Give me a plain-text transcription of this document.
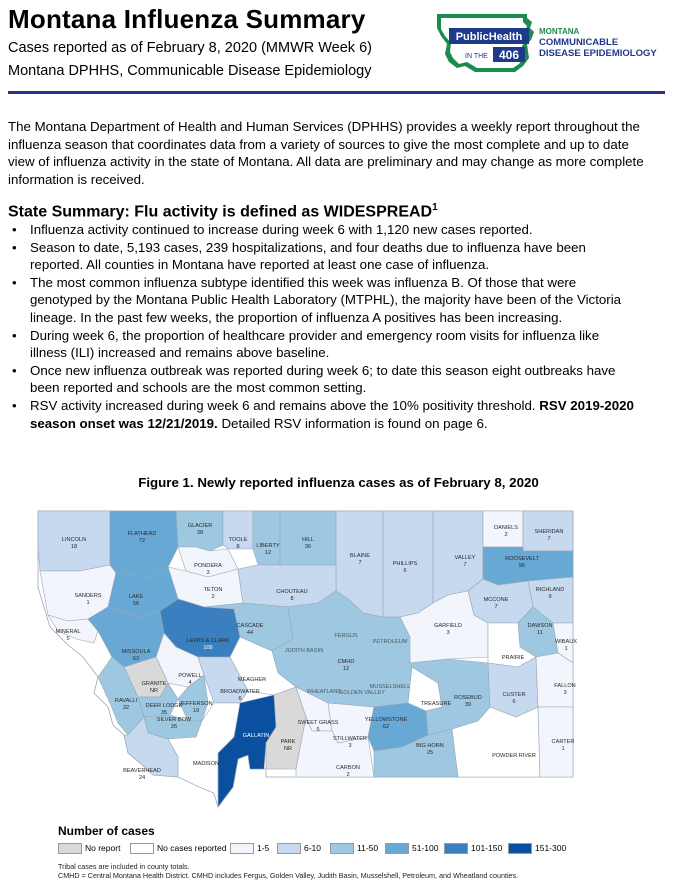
Montana Influenza Summary
Cases reported as of February 8, 2020 (MMWR Week 6)
Montana DPHHS, Communicable Disease Epidemiology
PublicHealth
IN THE 406
MONTANA
COMMUNICABLE
DISEASE EPIDEMIOLOGY
The Montana Department of Health and Human Services (DPHHS) provides a weekly report throughout the influenza season that coordinates data from a variety of sources to give the most complete and up to date view of influenza activity in the state of Montana. All data are preliminary and may change as more complete information is received.
State Summary: Flu activity is defined as WIDESPREAD$^1$
• Influenza activity continued to increase during week 6 with 1,120 new cases reported.
• Season to date, 5,193 cases, 239 hospitalizations, and four deaths due to influenza have been reported. All counties in Montana have reported at least one case of influenza.
• The most common influenza subtype identified this week was influenza B. Of those that were genotyped by the Montana Public Health Laboratory (MTPHL), the majority have been of the Victoria lineage. In the past few weeks, the proportion of influenza A positives has been increasing.
• During week 6, the proportion of healthcare provider and emergency room visits for influenza like illness (ILI) increased and remains above baseline.
• Once new influenza outbreak was reported during week 6; to date this season eight outbreaks have been reported and schools are the most common setting.
• RSV activity increased during week 6 and remains above the 10% positivity threshold. RSV 2019-2020 season onset was 12/21/2019. Detailed RSV information is found on page 6.
Figure 1. Newly reported influenza cases as of February 8, 2020
LINCOLN
18
FLATHEAD
72
GLACIER
38
TOOLE
8	LIBERTY
12
HILL
36
BLAINE
7	PHILLIPS
6
VALLEY
7
DANIELS
2	SHERIDAN
7
ROOSEVELT
96
RICHLAND
9
MCCONE
7
DAWSON
11
WIBAUX
1
PONDERA
3
TETON
2
CHOUTEAU
8
SANDERS
1
LAKE
56
MINERAL
5
MISSOULA
63
LEWIS & CLARK
109
CASCADE
44	FERGUS
PETROLEUM
JUDITH BASIN
CMHD
12
GARFIELD
3
PRAIRIE
POWELL
4
GRANITE
NR
MEAGHER
WHEATLAND
GOLDEN VALLEY
MUSSELSHELL
RAVALLI
32	DEER LODGE
35
JEFFERSON
19
BROADWATER
6
SILVER BOW
25
TREASURE
ROSEBUD
39
CUSTER
6
FALLON
3
SWEET GRASS
5
YELLOWSTONE
62
GALLATIN
PARK
NR
STILLWATER
3	BIG HORN
25
CARTER
1
POWDER RIVER
BEAVERHEAD
24
MADISON
CARBON
2
Number of cases
No report	No cases reported	1-5	6-10	11-50	51-100	101-150	151-300
Tribal cases are included in county totals.
CMHD = Central Montana Health District. CMHD includes Fergus, Golden Valley, Judith Basin, Musselshell, Petroleum, and Wheatland counties.
